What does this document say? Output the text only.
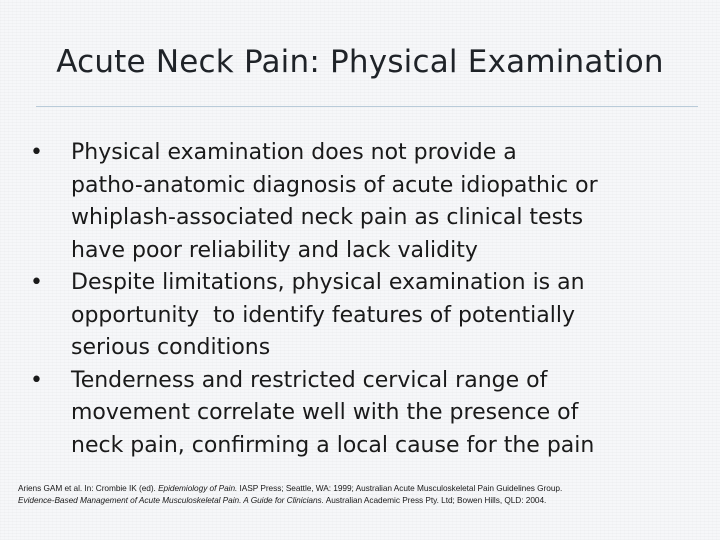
Acute Neck Pain: Physical Examination
•	Physical examination does not provide a
patho-anatomic diagnosis of acute idiopathic or
whiplash-associated neck pain as clinical tests
have poor reliability and lack validity
•	Despite limitations, physical examination is an
opportunity  to identify features of potentially
serious conditions
•	Tenderness and restricted cervical range of
movement correlate well with the presence of
neck pain, confirming a local cause for the pain
Ariens GAM et al. In: Crombie IK (ed). Epidemiology of Pain. IASP Press; Seattle, WA: 1999; Australian Acute Musculoskeletal Pain Guidelines Group.
Evidence-Based Management of Acute Musculoskeletal Pain. A Guide for Clinicians. Australian Academic Press Pty. Ltd; Bowen Hills, QLD: 2004.
